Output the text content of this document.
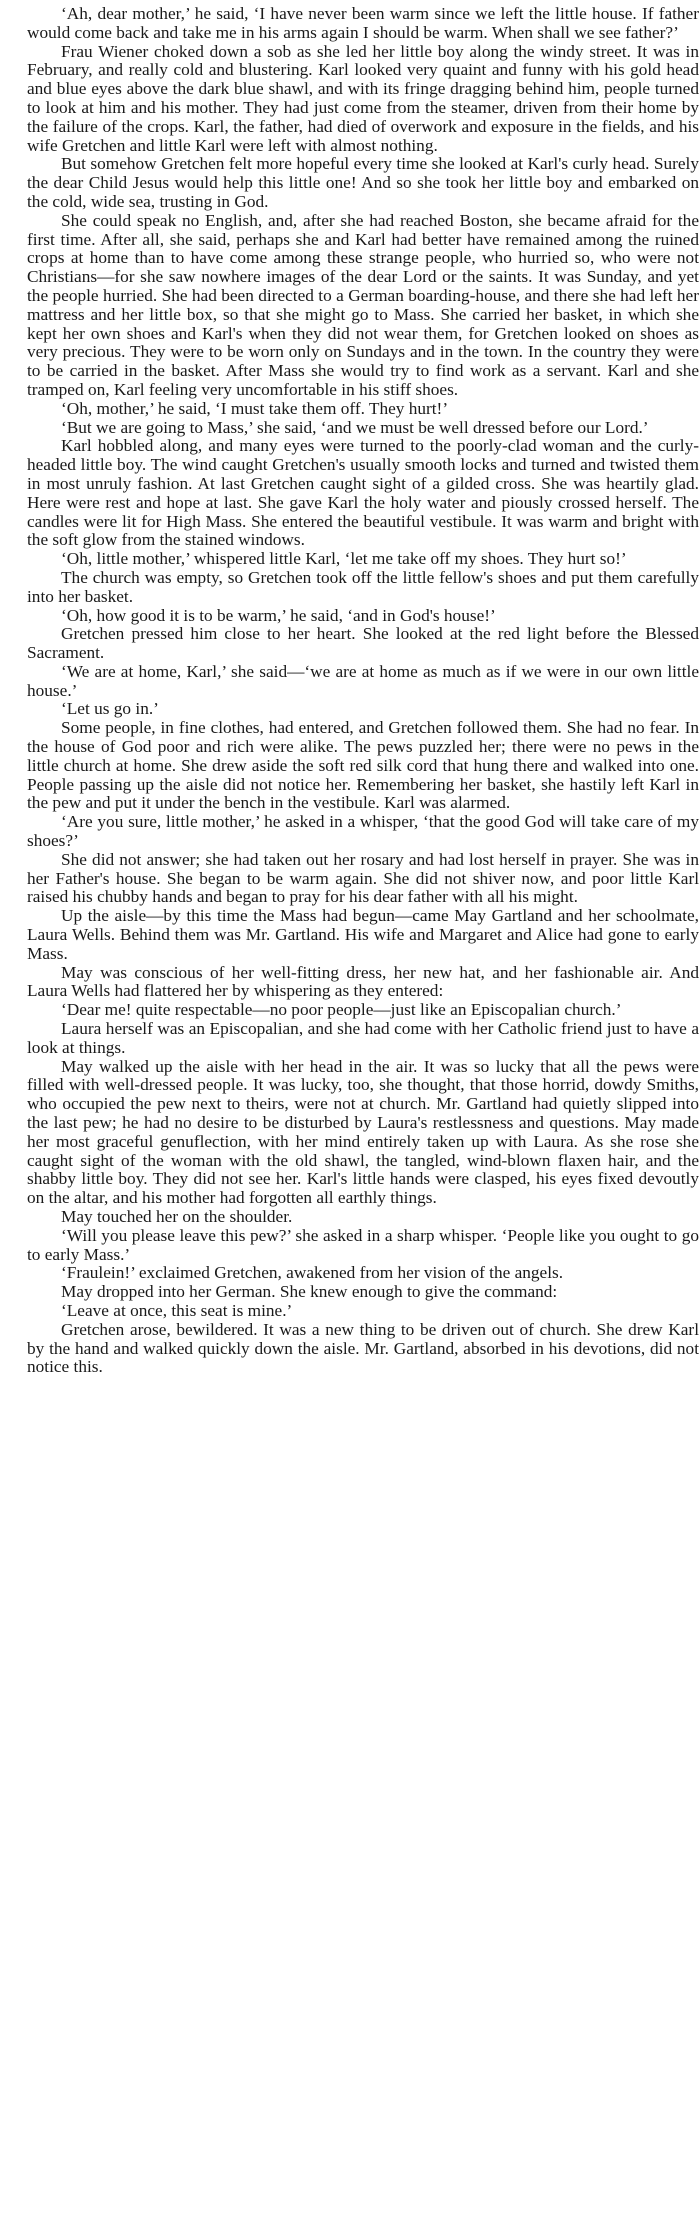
‘Ah, dear mother,’ he said, ‘I have never been warm since we left the little house. If father would come back and take me in his arms again I should be warm. When shall we see father?’

Frau Wiener choked down a sob as she led her little boy along the windy street. It was in February, and really cold and blustering. Karl looked very quaint and funny with his gold head and blue eyes above the dark blue shawl, and with its fringe dragging behind him, people turned to look at him and his mother. They had just come from the steamer, driven from their home by the failure of the crops. Karl, the father, had died of overwork and exposure in the fields, and his wife Gretchen and little Karl were left with almost nothing.

But somehow Gretchen felt more hopeful every time she looked at Karl's curly head. Surely the dear Child Jesus would help this little one! And so she took her little boy and embarked on the cold, wide sea, trusting in God.

She could speak no English, and, after she had reached Boston, she became afraid for the first time. After all, she said, perhaps she and Karl had better have remained among the ruined crops at home than to have come among these strange people, who hurried so, who were not Christians—for she saw nowhere images of the dear Lord or the saints. It was Sunday, and yet the people hurried. She had been directed to a German boarding-house, and there she had left her mattress and her little box, so that she might go to Mass. She carried her basket, in which she kept her own shoes and Karl's when they did not wear them, for Gretchen looked on shoes as very precious. They were to be worn only on Sundays and in the town. In the country they were to be carried in the basket. After Mass she would try to find work as a servant. Karl and she tramped on, Karl feeling very uncomfortable in his stiff shoes.

‘Oh, mother,’ he said, ‘I must take them off. They hurt!’

‘But we are going to Mass,’ she said, ‘and we must be well dressed before our Lord.’

Karl hobbled along, and many eyes were turned to the poorly-clad woman and the curly-headed little boy. The wind caught Gretchen's usually smooth locks and turned and twisted them in most unruly fashion. At last Gretchen caught sight of a gilded cross. She was heartily glad. Here were rest and hope at last. She gave Karl the holy water and piously crossed herself. The candles were lit for High Mass. She entered the beautiful vestibule. It was warm and bright with the soft glow from the stained windows.

‘Oh, little mother,’ whispered little Karl, ‘let me take off my shoes. They hurt so!’

The church was empty, so Gretchen took off the little fellow's shoes and put them carefully into her basket.

‘Oh, how good it is to be warm,’ he said, ‘and in God's house!’

Gretchen pressed him close to her heart. She looked at the red light before the Blessed Sacrament.

‘We are at home, Karl,’ she said—‘we are at home as much as if we were in our own little house.’

‘Let us go in.’

Some people, in fine clothes, had entered, and Gretchen followed them. She had no fear. In the house of God poor and rich were alike. The pews puzzled her; there were no pews in the little church at home. She drew aside the soft red silk cord that hung there and walked into one. People passing up the aisle did not notice her. Remembering her basket, she hastily left Karl in the pew and put it under the bench in the vestibule. Karl was alarmed.

‘Are you sure, little mother,’ he asked in a whisper, ‘that the good God will take care of my shoes?’

She did not answer; she had taken out her rosary and had lost herself in prayer. She was in her Father's house. She began to be warm again. She did not shiver now, and poor little Karl raised his chubby hands and began to pray for his dear father with all his might.

Up the aisle—by this time the Mass had begun—came May Gartland and her schoolmate, Laura Wells. Behind them was Mr. Gartland. His wife and Margaret and Alice had gone to early Mass.

May was conscious of her well-fitting dress, her new hat, and her fashionable air. And Laura Wells had flattered her by whispering as they entered:

‘Dear me! quite respectable—no poor people—just like an Episcopalian church.’

Laura herself was an Episcopalian, and she had come with her Catholic friend just to have a look at things.

May walked up the aisle with her head in the air. It was so lucky that all the pews were filled with well-dressed people. It was lucky, too, she thought, that those horrid, dowdy Smiths, who occupied the pew next to theirs, were not at church. Mr. Gartland had quietly slipped into the last pew; he had no desire to be disturbed by Laura's restlessness and questions. May made her most graceful genuflection, with her mind entirely taken up with Laura. As she rose she caught sight of the woman with the old shawl, the tangled, wind-blown flaxen hair, and the shabby little boy. They did not see her. Karl's little hands were clasped, his eyes fixed devoutly on the altar, and his mother had forgotten all earthly things.

May touched her on the shoulder.

‘Will you please leave this pew?’ she asked in a sharp whisper. ‘People like you ought to go to early Mass.’

‘Fraulein!’ exclaimed Gretchen, awakened from her vision of the angels.

May dropped into her German. She knew enough to give the command:

‘Leave at once, this seat is mine.’

Gretchen arose, bewildered. It was a new thing to be driven out of church. She drew Karl by the hand and walked quickly down the aisle. Mr. Gartland, absorbed in his devotions, did not notice this.
